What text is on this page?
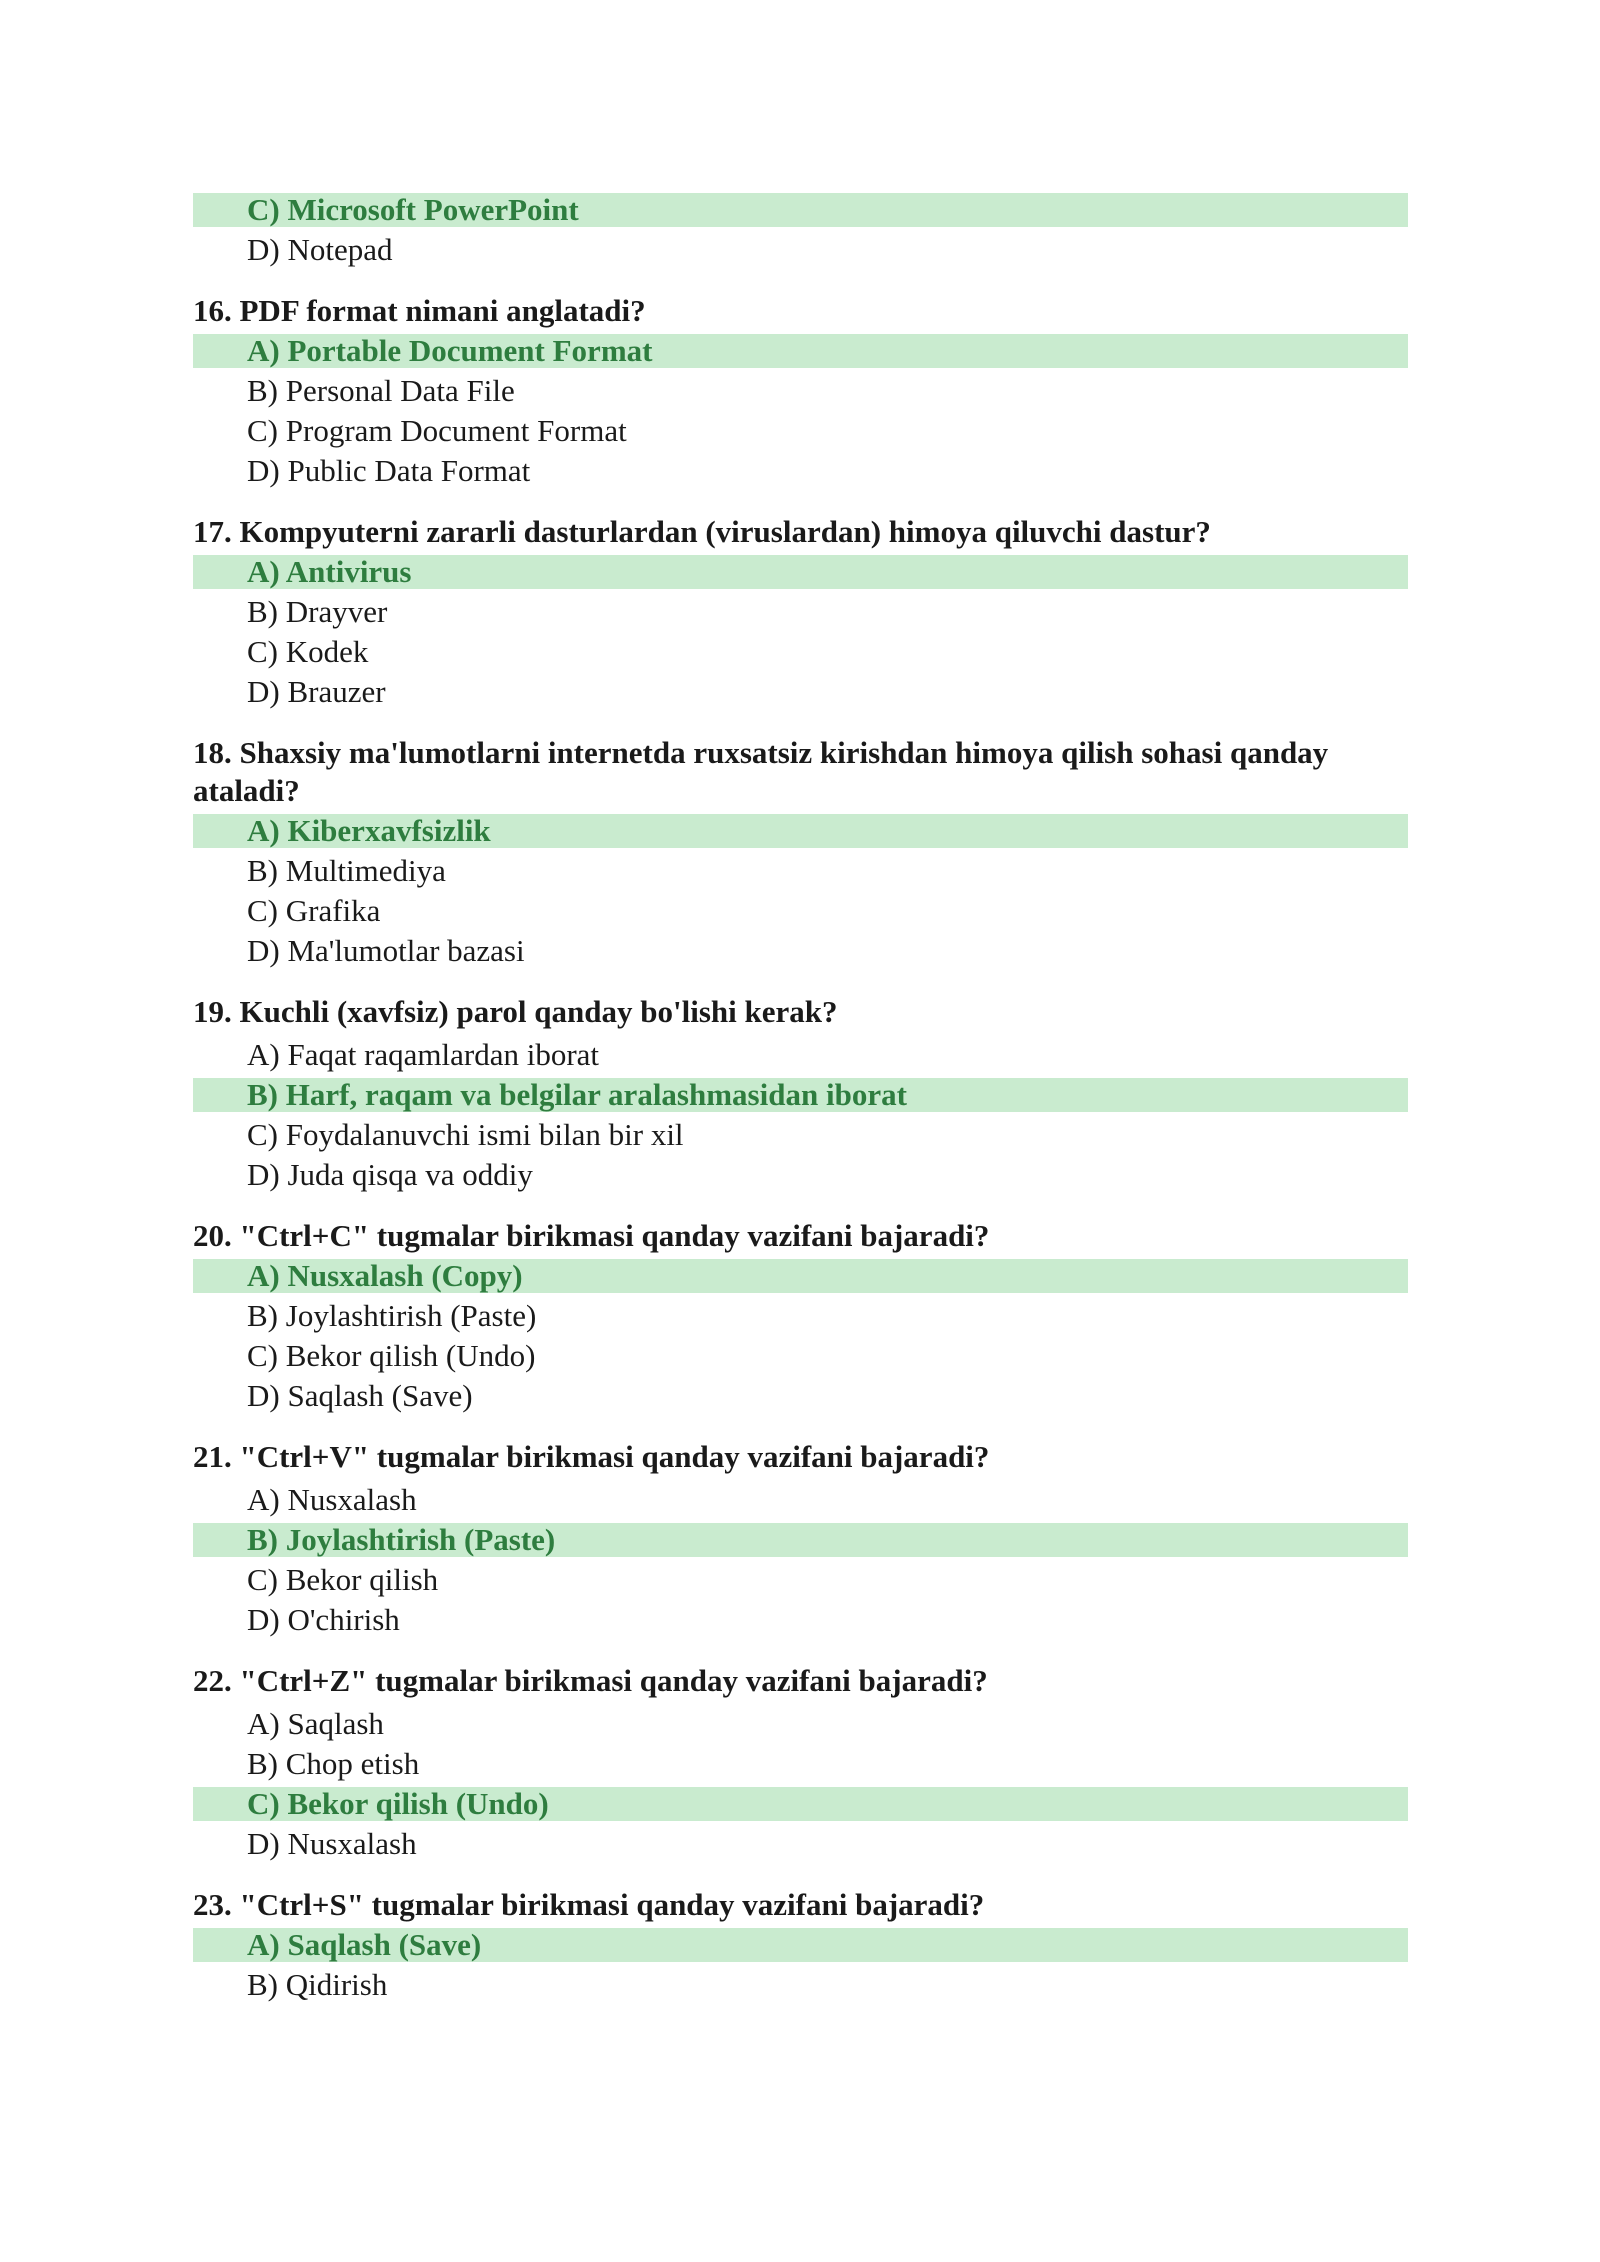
C) Microsoft PowerPoint
D) Notepad
16. PDF format nimani anglatadi?
A) Portable Document Format
B) Personal Data File
C) Program Document Format
D) Public Data Format
17. Kompyuterni zararli dasturlardan (viruslardan) himoya qiluvchi dastur?
A) Antivirus
B) Drayver
C) Kodek
D) Brauzer
18. Shaxsiy ma'lumotlarni internetda ruxsatsiz kirishdan himoya qilish sohasi qanday ataladi?
A) Kiberxavfsizlik
B) Multimediya
C) Grafika
D) Ma'lumotlar bazasi
19. Kuchli (xavfsiz) parol qanday bo'lishi kerak?
A) Faqat raqamlardan iborat
B) Harf, raqam va belgilar aralashmasidan iborat
C) Foydalanuvchi ismi bilan bir xil
D) Juda qisqa va oddiy
20. "Ctrl+C" tugmalar birikmasi qanday vazifani bajaradi?
A) Nusxalash (Copy)
B) Joylashtirish (Paste)
C) Bekor qilish (Undo)
D) Saqlash (Save)
21. "Ctrl+V" tugmalar birikmasi qanday vazifani bajaradi?
A) Nusxalash
B) Joylashtirish (Paste)
C) Bekor qilish
D) O'chirish
22. "Ctrl+Z" tugmalar birikmasi qanday vazifani bajaradi?
A) Saqlash
B) Chop etish
C) Bekor qilish (Undo)
D) Nusxalash
23. "Ctrl+S" tugmalar birikmasi qanday vazifani bajaradi?
A) Saqlash (Save)
B) Qidirish
